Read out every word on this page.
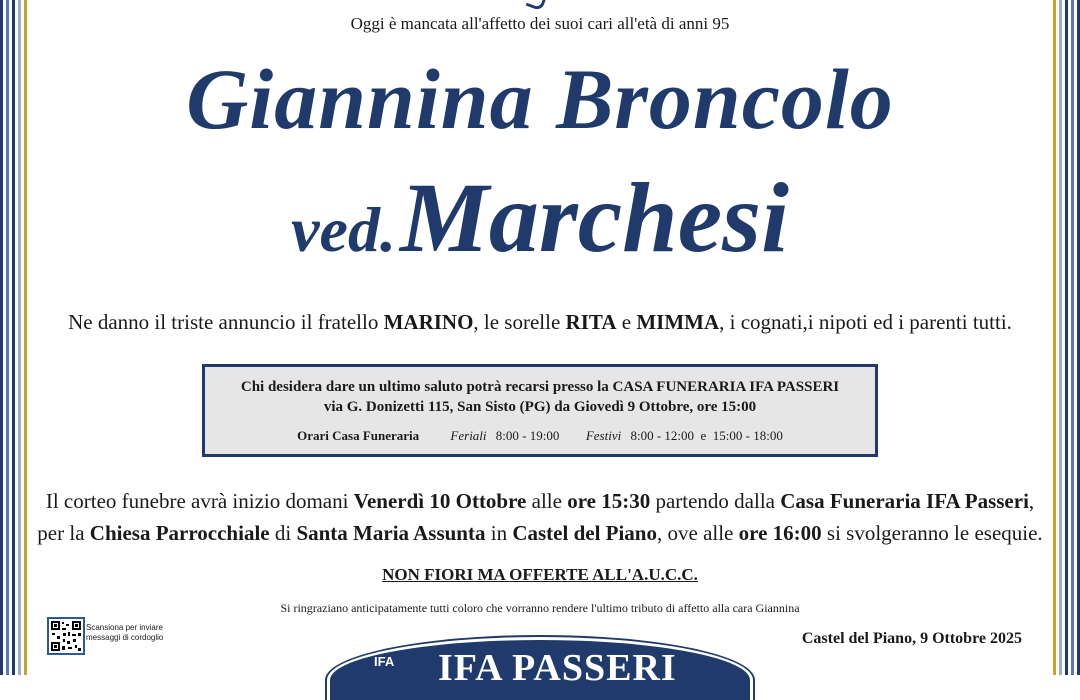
Oggi è mancata all'affetto dei suoi cari all'età di anni 95
Giannina Broncolo
ved. Marchesi
Ne danno il triste annuncio il fratello MARINO, le sorelle RITA e MIMMA, i cognati,i nipoti ed i parenti tutti.
Chi desidera dare un ultimo saluto potrà recarsi presso la CASA FUNERARIA IFA PASSERI
via G. Donizetti 115, San Sisto (PG) da Giovedì 9 Ottobre, ore 15:00
Orari Casa Funeraria Feriali 8:00 - 19:00 Festivi 8:00 - 12:00  e  15:00 - 18:00
Il corteo funebre avrà inizio domani Venerdì 10 Ottobre alle ore 15:30 partendo dalla Casa Funeraria IFA Passeri,
per la Chiesa Parrocchiale di Santa Maria Assunta in Castel del Piano, ove alle ore 16:00 si svolgeranno le esequie.
NON FIORI MA OFFERTE ALL'A.U.C.C.
Si ringraziano anticipatamente tutti coloro che vorranno rendere l'ultimo tributo di affetto alla cara Giannina
Scansiona per inviare
messaggi di cordoglio	Castel del Piano, 9 Ottobre 2025
IFA	IFA PASSERI
